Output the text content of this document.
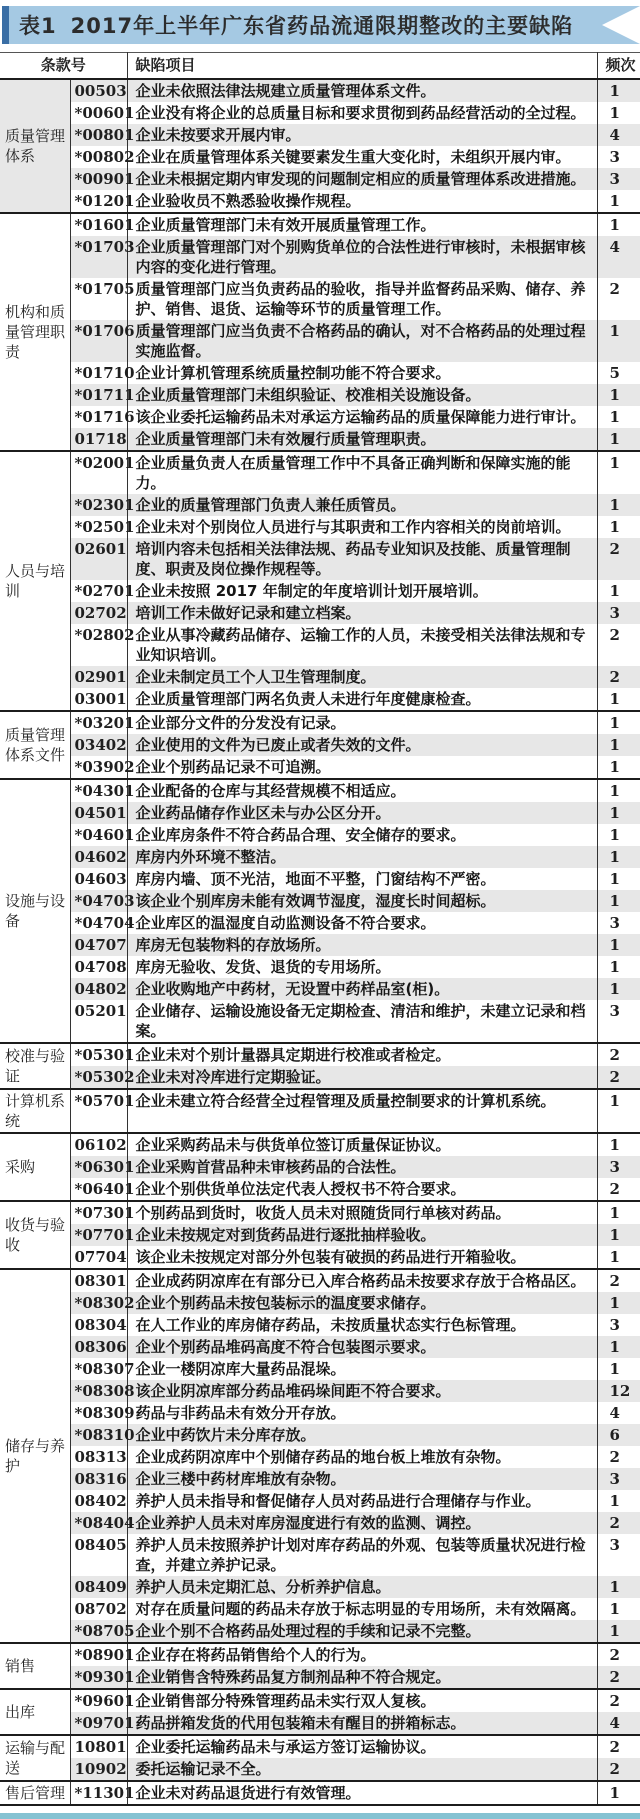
表1 2017年上半年广东省药品流通限期整改的主要缺陷
条款号		缺陷项目	频次
质量管理体系	00503	企业未依照法律法规建立质量管理体系文件。	1
	*00601	企业没有将企业的总质量目标和要求贯彻到药品经营活动的全过程。	1
	*00801	企业未按要求开展内审。	4
	*00802	企业在质量管理体系关键要素发生重大变化时，未组织开展内审。	3
	*00901	企业未根据定期内审发现的问题制定相应的质量管理体系改进措施。	3
	*01201	企业验收员不熟悉验收操作规程。	1
机构和质量管理职责	*01601	企业质量管理部门未有效开展质量管理工作。	1
	*01703	企业质量管理部门对个别购货单位的合法性进行审核时，未根据审核内容的变化进行管理。	4
	*01705	质量管理部门应当负责药品的验收，指导并监督药品采购、储存、养护、销售、退货、运输等环节的质量管理工作。	2
	*01706	质量管理部门应当负责不合格药品的确认，对不合格药品的处理过程实施监督。	1
	*01710	企业计算机管理系统质量控制功能不符合要求。	5
	*01711	企业质量管理部门未组织验证、校准相关设施设备。	1
	*01716	该企业委托运输药品未对承运方运输药品的质量保障能力进行审计。	1
	01718	企业质量管理部门未有效履行质量管理职责。	1
人员与培训	*02001	企业质量负责人在质量管理工作中不具备正确判断和保障实施的能力。	1
	*02301	企业的质量管理部门负责人兼任质管员。	1
	*02501	企业未对个别岗位人员进行与其职责和工作内容相关的岗前培训。	1
	02601	培训内容未包括相关法律法规、药品专业知识及技能、质量管理制度、职责及岗位操作规程等。	2
	*02701	企业未按照 2017 年制定的年度培训计划开展培训。	1
	02702	培训工作未做好记录和建立档案。	3
	*02802	企业从事冷藏药品储存、运输工作的人员，未接受相关法律法规和专业知识培训。	2
	02901	企业未制定员工个人卫生管理制度。	2
	03001	企业质量管理部门两名负责人未进行年度健康检查。	1
质量管理体系文件	*03201	企业部分文件的分发没有记录。	1
	03402	企业使用的文件为已废止或者失效的文件。	1
	*03902	企业个别药品记录不可追溯。	1
设施与设备	*04301	企业配备的仓库与其经营规模不相适应。	1
	04501	企业药品储存作业区未与办公区分开。	1
	*04601	企业库房条件不符合药品合理、安全储存的要求。	1
	04602	库房内外环境不整洁。	1
	04603	库房内墙、顶不光洁，地面不平整，门窗结构不严密。	1
	*04703	该企业个别库房未能有效调节湿度，湿度长时间超标。	1
	*04704	企业库区的温湿度自动监测设备不符合要求。	3
	04707	库房无包装物料的存放场所。	1
	04708	库房无验收、发货、退货的专用场所。	1
	04802	企业收购地产中药材，无设置中药样品室(柜)。	1
	05201	企业储存、运输设施设备无定期检查、清洁和维护，未建立记录和档案。	3
校准与验证	*05301	企业未对个别计量器具定期进行校准或者检定。	2
	*05302	企业未对冷库进行定期验证。	2
计算机系统	*05701	企业未建立符合经营全过程管理及质量控制要求的计算机系统。	1
采购	06102	企业采购药品未与供货单位签订质量保证协议。	1
	*06301	企业采购首营品种未审核药品的合法性。	3
	*06401	企业个别供货单位法定代表人授权书不符合要求。	2
收货与验收	*07301	个别药品到货时，收货人员未对照随货同行单核对药品。	1
	*07701	企业未按规定对到货药品进行逐批抽样验收。	1
	07704	该企业未按规定对部分外包装有破损的药品进行开箱验收。	1
储存与养护	08301	企业成药阴凉库在有部分已入库合格药品未按要求存放于合格品区。	2
	*08302	企业个别药品未按包装标示的温度要求储存。	1
	08304	在人工作业的库房储存药品，未按质量状态实行色标管理。	3
	08306	企业个别药品堆码高度不符合包装图示要求。	1
	*08307	企业一楼阴凉库大量药品混垛。	1
	*08308	该企业阴凉库部分药品堆码垛间距不符合要求。	12
	*08309	药品与非药品未有效分开存放。	4
	*08310	企业中药饮片未分库存放。	6
	08313	企业成药阴凉库中个别储存药品的地台板上堆放有杂物。	2
	08316	企业三楼中药材库堆放有杂物。	3
	08402	养护人员未指导和督促储存人员对药品进行合理储存与作业。	1
	*08404	企业养护人员未对库房湿度进行有效的监测、调控。	2
	08405	养护人员未按照养护计划对库存药品的外观、包装等质量状况进行检查，并建立养护记录。	3
	08409	养护人员未定期汇总、分析养护信息。	1
	08702	对存在质量问题的药品未存放于标志明显的专用场所，未有效隔离。	1
	*08705	企业个别不合格药品处理过程的手续和记录不完整。	1
销售	*08901	企业存在将药品销售给个人的行为。	2
	*09301	企业销售含特殊药品复方制剂品种不符合规定。	2
出库	*09601	企业销售部分特殊管理药品未实行双人复核。	2
	*09701	药品拼箱发货的代用包装箱未有醒目的拼箱标志。	4
运输与配送	10801	企业委托运输药品未与承运方签订运输协议。	2
	10902	委托运输记录不全。	2
售后管理	*11301	企业未对药品退货进行有效管理。	1
